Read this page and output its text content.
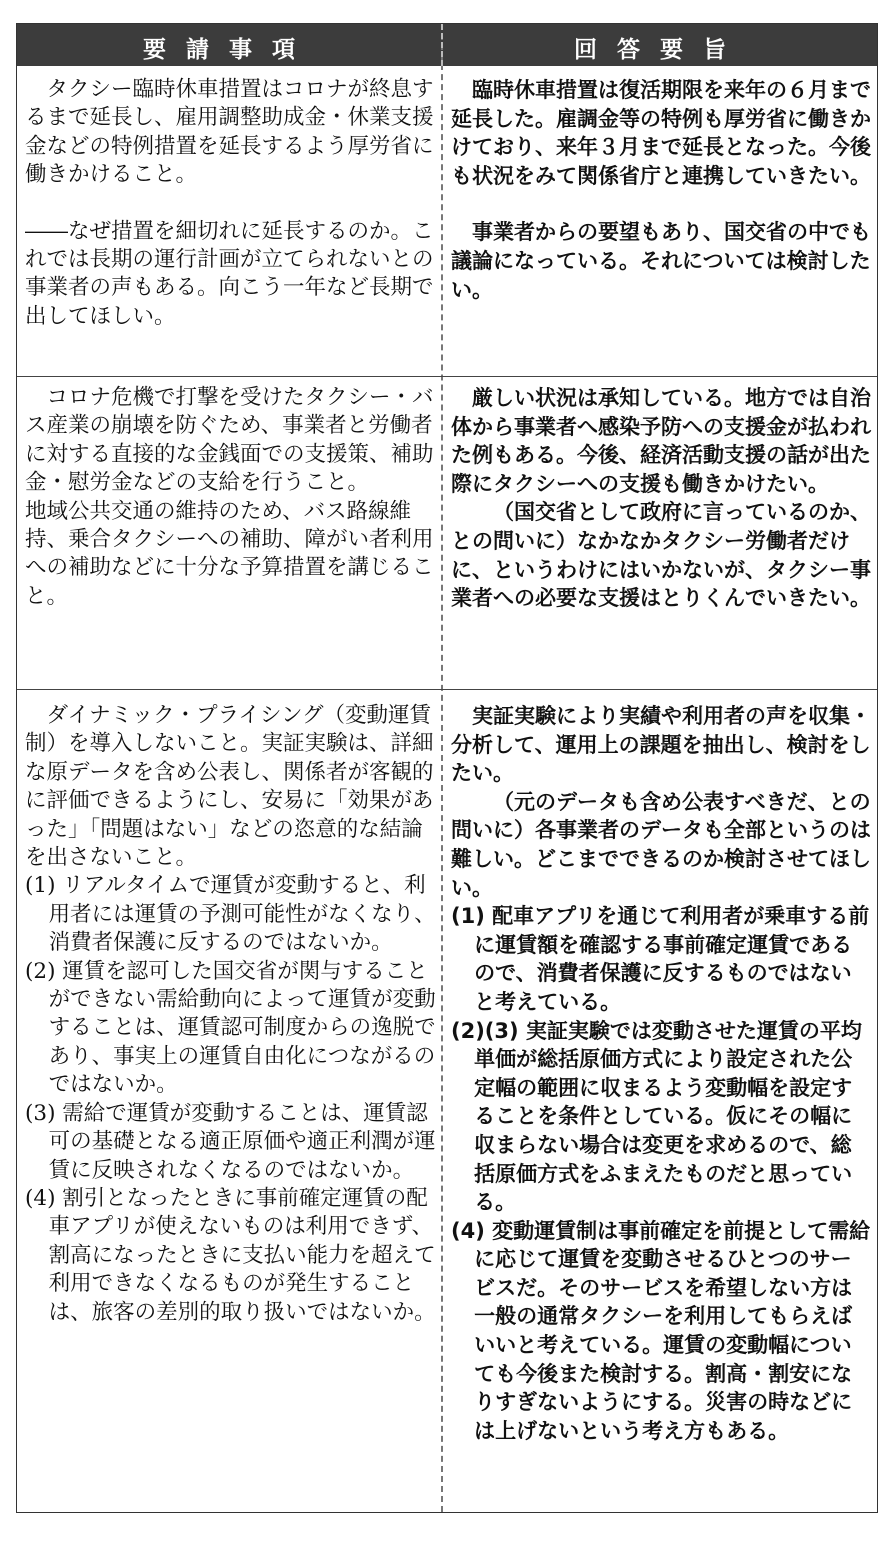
要請事項	回答要旨

タクシー臨時休車措置はコロナが終息するまで延長し、雇用調整助成金・休業支援金などの特例措置を延長するよう厚労省に働きかけること。

――なぜ措置を細切れに延長するのか。これでは長期の運行計画が立てられないとの事業者の声もある。向こう一年など長期で出してほしい。

臨時休車措置は復活期限を来年の６月まで延長した。雇調金等の特例も厚労省に働きかけており、来年３月まで延長となった。今後も状況をみて関係省庁と連携していきたい。

事業者からの要望もあり、国交省の中でも議論になっている。それについては検討したい。

コロナ危機で打撃を受けたタクシー・バス産業の崩壊を防ぐため、事業者と労働者に対する直接的な金銭面での支援策、補助金・慰労金などの支給を行うこと。

地域公共交通の維持のため、バス路線維持、乗合タクシーへの補助、障がい者利用への補助などに十分な予算措置を講じること。

厳しい状況は承知している。地方では自治体から事業者へ感染予防への支援金が払われた例もある。今後、経済活動支援の話が出た際にタクシーへの支援も働きかけたい。

（国交省として政府に言っているのか、との問いに）なかなかタクシー労働者だけに、というわけにはいかないが、タクシー事業者への必要な支援はとりくんでいきたい。

ダイナミック・プライシング（変動運賃制）を導入しないこと。実証実験は、詳細な原データを含め公表し、関係者が客観的に評価できるようにし、安易に「効果があった」「問題はない」などの恣意的な結論を出さないこと。

(1) リアルタイムで運賃が変動すると、利用者には運賃の予測可能性がなくなり、消費者保護に反するのではないか。

(2) 運賃を認可した国交省が関与することができない需給動向によって運賃が変動することは、運賃認可制度からの逸脱であり、事実上の運賃自由化につながるのではないか。

(3) 需給で運賃が変動することは、運賃認可の基礎となる適正原価や適正利潤が運賃に反映されなくなるのではないか。

(4) 割引となったときに事前確定運賃の配車アプリが使えないものは利用できず、割高になったときに支払い能力を超えて利用できなくなるものが発生することは、旅客の差別的取り扱いではないか。

実証実験により実績や利用者の声を収集・分析して、運用上の課題を抽出し、検討をしたい。

（元のデータも含め公表すべきだ、との問いに）各事業者のデータも全部というのは難しい。どこまでできるのか検討させてほしい。

(1) 配車アプリを通じて利用者が乗車する前に運賃額を確認する事前確定運賃であるので、消費者保護に反するものではないと考えている。

(2)(3) 実証実験では変動させた運賃の平均単価が総括原価方式により設定された公定幅の範囲に収まるよう変動幅を設定することを条件としている。仮にその幅に収まらない場合は変更を求めるので、総括原価方式をふまえたものだと思っている。

(4) 変動運賃制は事前確定を前提として需給に応じて運賃を変動させるひとつのサービスだ。そのサービスを希望しない方は一般の通常タクシーを利用してもらえばいいと考えている。運賃の変動幅についても今後また検討する。割高・割安になりすぎないようにする。災害の時などには上げないという考え方もある。
